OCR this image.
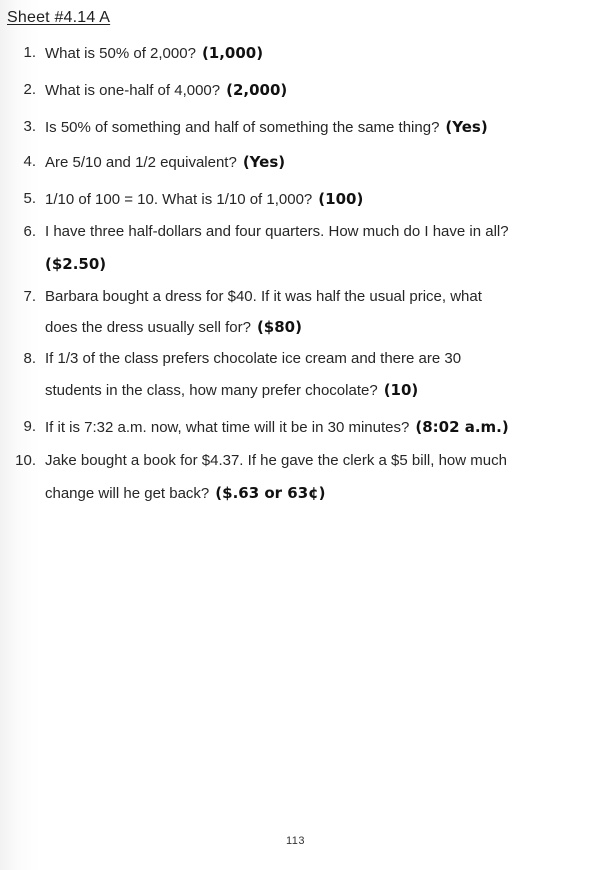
Sheet #4.14 A
1. What is 50% of 2,000? (1,000)
2. What is one-half of 4,000? (2,000)
3. Is 50% of something and half of something the same thing? (Yes)
4. Are 5/10 and 1/2 equivalent? (Yes)
5. 1/10 of 100 = 10. What is 1/10 of 1,000? (100)
6. I have three half-dollars and four quarters. How much do I have in all?
($2.50)
7. Barbara bought a dress for $40. If it was half the usual price, what
does the dress usually sell for? ($80)
8. If 1/3 of the class prefers chocolate ice cream and there are 30
students in the class, how many prefer chocolate? (10)
9. If it is 7:32 a.m. now, what time will it be in 30 minutes? (8:02 a.m.)
10. Jake bought a book for $4.37. If he gave the clerk a $5 bill, how much
change will he get back? ($.63 or 63¢)
113
